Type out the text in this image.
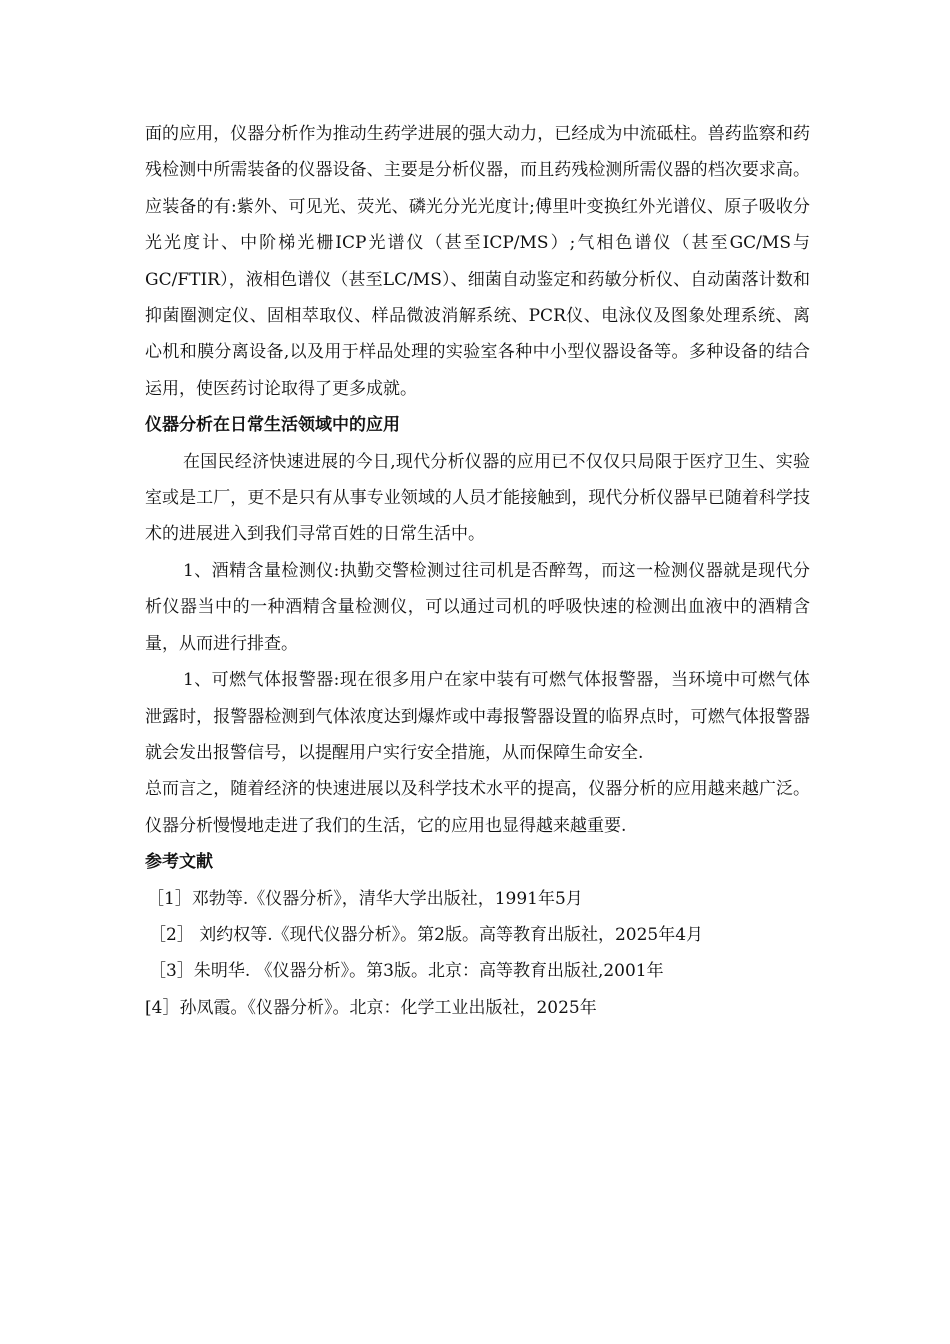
面的应用，仪器分析作为推动生药学进展的强大动力，已经成为中流砥柱。兽药监察和药残检测中所需装备的仪器设备、主要是分析仪器，而且药残检测所需仪器的档次要求高。应装备的有:紫外、可见光、荧光、磷光分光光度计;傅里叶变换红外光谱仪、原子吸收分光光度计、中阶梯光栅ICP光谱仪（甚至ICP/MS）;气相色谱仪（甚至GC/MS与GC/FTIR），液相色谱仪（甚至LC/MS）、细菌自动鉴定和药敏分析仪、自动菌落计数和抑菌圈测定仪、固相萃取仪、样品微波消解系统、PCR仪、电泳仪及图象处理系统、离心机和膜分离设备,以及用于样品处理的实验室各种中小型仪器设备等。多种设备的结合运用，使医药讨论取得了更多成就。

仪器分析在日常生活领域中的应用

在国民经济快速进展的今日,现代分析仪器的应用已不仅仅只局限于医疗卫生、实验室或是工厂，更不是只有从事专业领域的人员才能接触到，现代分析仪器早已随着科学技术的进展进入到我们寻常百姓的日常生活中。

1、酒精含量检测仪:执勤交警检测过往司机是否醉驾，而这一检测仪器就是现代分析仪器当中的一种酒精含量检测仪，可以通过司机的呼吸快速的检测出血液中的酒精含量，从而进行排查。

1、可燃气体报警器:现在很多用户在家中装有可燃气体报警器，当环境中可燃气体泄露时，报警器检测到气体浓度达到爆炸或中毒报警器设置的临界点时，可燃气体报警器就会发出报警信号，以提醒用户实行安全措施，从而保障生命安全.

总而言之，随着经济的快速进展以及科学技术水平的提高，仪器分析的应用越来越广泛。仪器分析慢慢地走进了我们的生活，它的应用也显得越来越重要.

参考文献
［1］邓勃等.《仪器分析》，清华大学出版社，1991年5月
［2］ 刘约权等.《现代仪器分析》。第2版。高等教育出版社，2025年4月
［3］朱明华. 《仪器分析》。第3版。北京：高等教育出版社,2001年
[4］孙凤霞。《仪器分析》。北京：化学工业出版社，2025年
